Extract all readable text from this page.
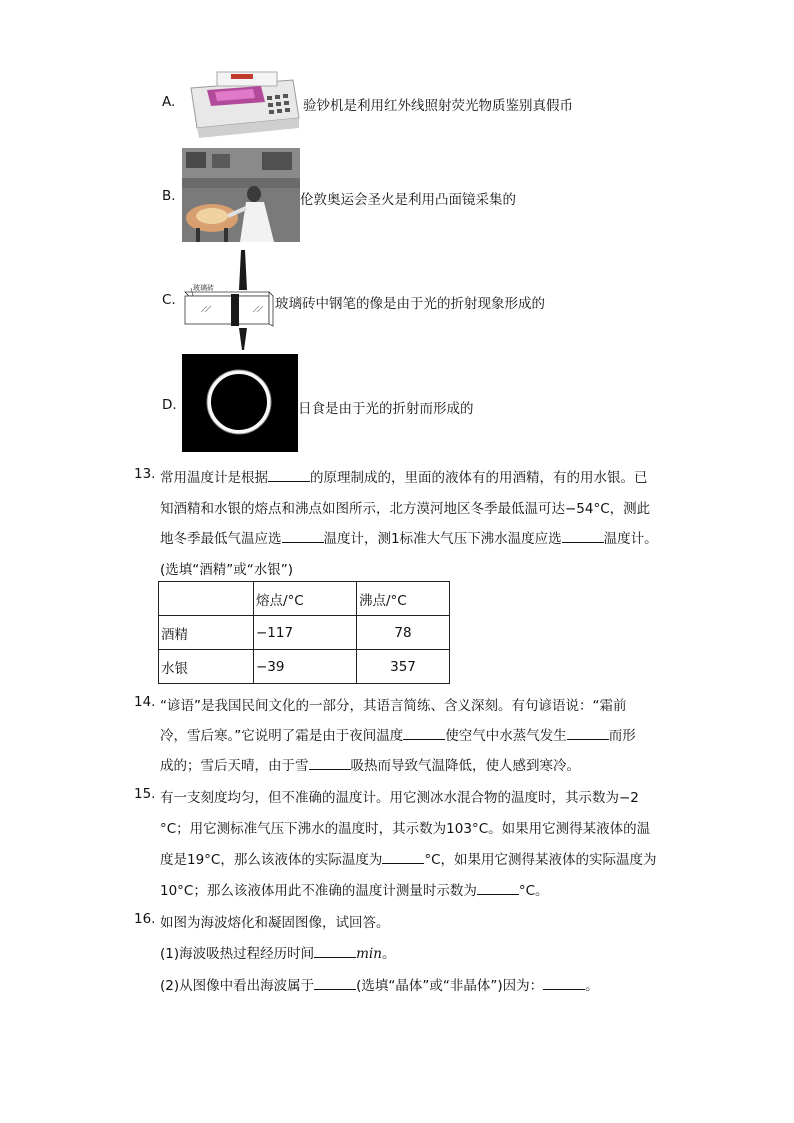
A.	验钞机是利用红外线照射荧光物质鉴别真假币
B.	伦敦奥运会圣火是利用凸面镜采集的
C.
玻璃砖
玻璃砖中钢笔的像是由于光的折射现象形成的
D.	日食是由于光的折射而形成的
13. 常用温度计是根据	的原理制成的，里面的液体有的用酒精，有的用水银。已
知酒精和水银的熔点和沸点如图所示，北方漠河地区冬季最低温可达−54°C，测此
地冬季最低气温应选	温度计，测1标准大气压下沸水温度应选	温度计。
(选填“酒精”或“水银”)
	熔点/°C	沸点/°C
酒精	−117	78
水银	−39	357
14. “谚语”是我国民间文化的一部分，其语言简练、含义深刻。有句谚语说：“霜前
冷，雪后寒。”它说明了霜是由于夜间温度	使空气中水蒸气发生	而形
成的；雪后天晴，由于雪	吸热而导致气温降低，使人感到寒冷。
15. 有一支刻度均匀，但不准确的温度计。用它测冰水混合物的温度时，其示数为−2
°C；用它测标准气压下沸水的温度时，其示数为103°C。如果用它测得某液体的温
度是19°C，那么该液体的实际温度为	°C，如果用它测得某液体的实际温度为
10°C；那么该液体用此不准确的温度计测量时示数为	°C。
16. 如图为海波熔化和凝固图像，试回答。
(1)海波吸热过程经历时间	min。
(2)从图像中看出海波属于	(选填“晶体”或“非晶体”)因为：	。
